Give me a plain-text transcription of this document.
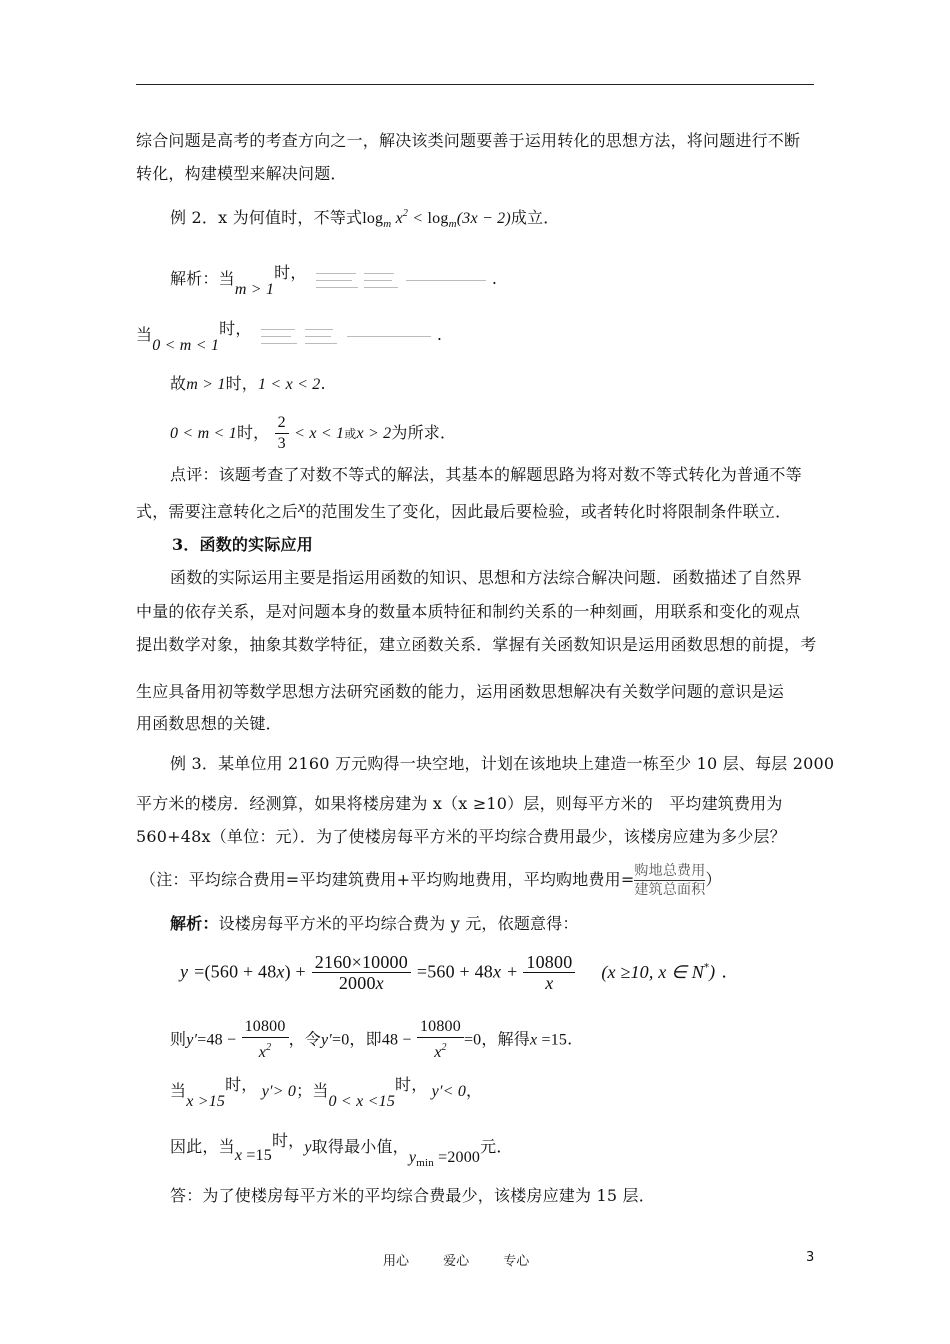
综合问题是高考的考查方向之一，解决该类问题要善于运用转化的思想方法，将问题进行不断
转化，构建模型来解决问题．
例 2．x 为何值时，不等式$\log_m x^2 < \log_m(3x - 2)$成立．
解析：当m > 1时，	.
当0 < m < 1时，	.
故m > 1时，1 < x < 2.
0 < m < 1时， $\frac{2}{3} < x < 1$或x > 2为所求．
点评：该题考查了对数不等式的解法，其基本的解题思路为将对数不等式转化为普通不等
式，需要注意转化之后x的范围发生了变化，因此最后要检验，或者转化时将限制条件联立．
3．函数的实际应用
函数的实际运用主要是指运用函数的知识、思想和方法综合解决问题．函数描述了自然界
中量的依存关系，是对问题本身的数量本质特征和制约关系的一种刻画，用联系和变化的观点
提出数学对象，抽象其数学特征，建立函数关系．掌握有关函数知识是运用函数思想的前提，考
生应具备用初等数学思想方法研究函数的能力，运用函数思想解决有关数学问题的意识是运
用函数思想的关键．
例 3．某单位用 2160 万元购得一块空地，计划在该地块上建造一栋至少 10 层、每层 2000
平方米的楼房．经测算，如果将楼房建为 x（x ≥10）层，则每平方米的　平均建筑费用为
560+48x（单位：元）．为了使楼房每平方米的平均综合费用最少，该楼房应建为多少层？
（注：平均综合费用=平均建筑费用+平均购地费用，平均购地费用= $\frac{\text{购地总费用}}{\text{建筑总面积}}$ ）
解析：设楼房每平方米的平均综合费为 y 元，依题意得：
$y =(560 + 48x) + \frac{2160\times 10000}{2000x} =560 + 48x + \frac{10800}{x} (x \ge 10$, x ∈ N*) .
则$y'=48 - \frac{10800}{x^2}$ ，令y′=0，即$48 - \frac{10800}{x^2} =0$，解得x =15.
当x >15时， y′> 0；当0 < x <15时， y′< 0，
因此，当x =15时，y取得最小值，$y_{min} =2000$元．
答：为了使楼房每平方米的平均综合费最少，该楼房应建为 15 层．
用心 爱心 专心	3
